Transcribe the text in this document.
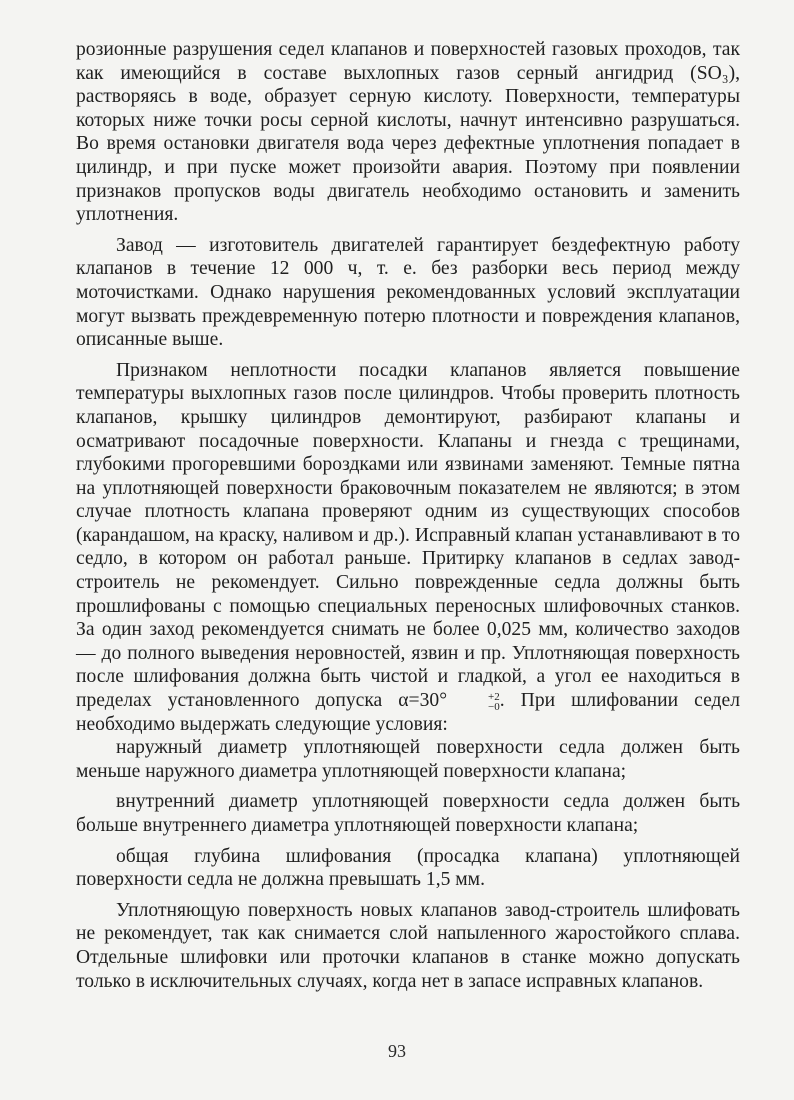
розионные разрушения седел клапанов и поверхностей газовых проходов, так как имеющийся в составе выхлопных газов серный ангидрид (SO₃), растворяясь в воде, образует серную кислоту. Поверхности, температуры которых ниже точки росы серной кислоты, начнут интенсивно разрушаться. Во время остановки двигателя вода через дефектные уплотнения попадает в цилиндр, и при пуске может произойти авария. Поэтому при появлении признаков пропусков воды двигатель необходимо остановить и заменить уплотнения.

Завод — изготовитель двигателей гарантирует бездефектную работу клапанов в течение 12 000 ч, т. е. без разборки весь период между моточистками. Однако нарушения рекомендованных условий эксплуатации могут вызвать преждевременную потерю плотности и повреждения клапанов, описанные выше.

Признаком неплотности посадки клапанов является повышение температуры выхлопных газов после цилиндров. Чтобы проверить плотность клапанов, крышку цилиндров демонтируют, разбирают клапаны и осматривают посадочные поверхности. Клапаны и гнезда с трещинами, глубокими прогоревшими бороздками или язвинами заменяют. Темные пятна на уплотняющей поверхности браковочным показателем не являются; в этом случае плотность клапана проверяют одним из существующих способов (карандашом, на краску, наливом и др.). Исправный клапан устанавливают в то седло, в котором он работал раньше. Притирку клапанов в седлах завод-строитель не рекомендует. Сильно поврежденные седла должны быть прошлифованы с помощью специальных переносных шлифовочных станков. За один заход рекомендуется снимать не более 0,025 мм, количество заходов — до полного выведения неровностей, язвин и пр. Уплотняющая поверхность после шлифования должна быть чистой и гладкой, а угол ее находиться в пределах установленного допуска α=30°	+2
−0 . При шлифовании седел необходимо выдержать следующие условия:

наружный диаметр уплотняющей поверхности седла должен быть меньше наружного диаметра уплотняющей поверхности клапана;

внутренний диаметр уплотняющей поверхности седла должен быть больше внутреннего диаметра уплотняющей поверхности клапана;

общая глубина шлифования (просадка клапана) уплотняющей поверхности седла не должна превышать 1,5 мм.

Уплотняющую поверхность новых клапанов завод-строитель шлифовать не рекомендует, так как снимается слой напыленного жаростойкого сплава. Отдельные шлифовки или проточки клапанов в станке можно допускать только в исключительных случаях, когда нет в запасе исправных клапанов.

93
